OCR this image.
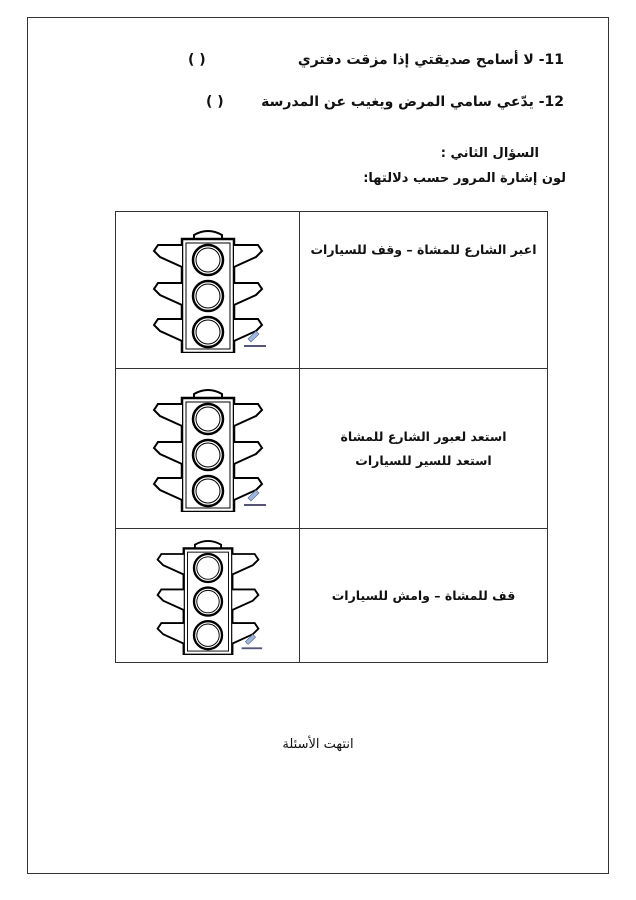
11- لا أسامح صديقتي إذا مزقت دفتري
( )
12- يدّعي سامي المرض ويغيب عن المدرسة
( )
السؤال الثاني :
لون إشارة المرور حسب دلالتها:

اعبر الشارع للمشاة – وقف للسيارات

استعد لعبور الشارع للمشاة
استعد للسير للسيارات

قف للمشاة – وامش للسيارات
انتهت الأسئلة
